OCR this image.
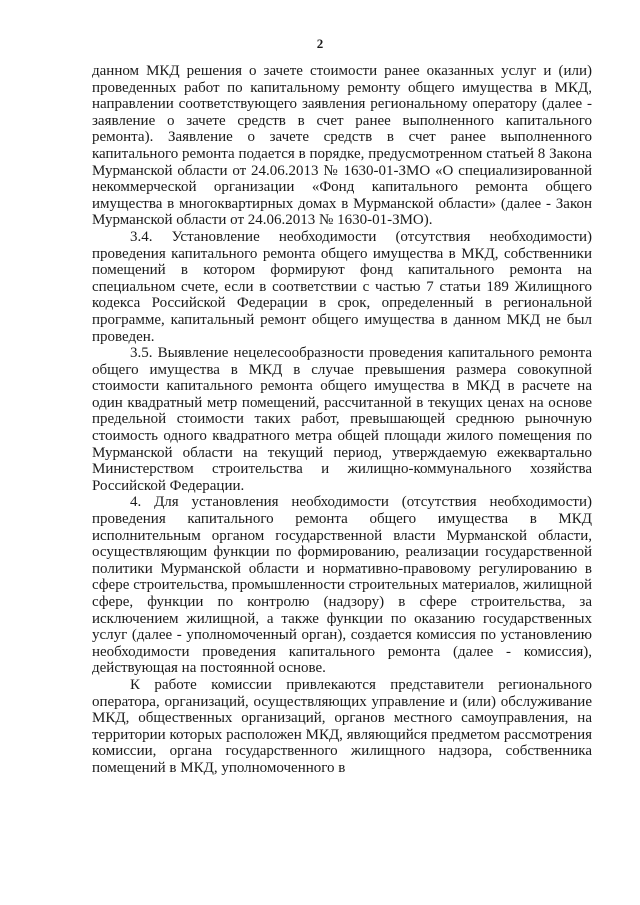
2

данном МКД решения о зачете стоимости ранее оказанных услуг и (или) проведенных работ по капитальному ремонту общего имущества в МКД, направлении соответствующего заявления региональному оператору (далее - заявление о зачете средств в счет ранее выполненного капитального ремонта). Заявление о зачете средств в счет ранее выполненного капитального ремонта подается в порядке, предусмотренном статьей 8 Закона Мурманской области от 24.06.2013 № 1630-01-ЗМО «О специализированной некоммерческой организации «Фонд капитального ремонта общего имущества в многоквартирных домах в Мурманской области» (далее - Закон Мурманской области от 24.06.2013 № 1630-01-ЗМО).

3.4. Установление необходимости (отсутствия необходимости) проведения капитального ремонта общего имущества в МКД, собственники помещений в котором формируют фонд капитального ремонта на специальном счете, если в соответствии с частью 7 статьи 189 Жилищного кодекса Российской Федерации в срок, определенный в региональной программе, капитальный ремонт общего имущества в данном МКД не был проведен.

3.5. Выявление нецелесообразности проведения капитального ремонта общего имущества в МКД в случае превышения размера совокупной стоимости капитального ремонта общего имущества в МКД в расчете на один квадратный метр помещений, рассчитанной в текущих ценах на основе предельной стоимости таких работ, превышающей среднюю рыночную стоимость одного квадратного метра общей площади жилого помещения по Мурманской области на текущий период, утверждаемую ежеквартально Министерством строительства и жилищно-коммунального хозяйства Российской Федерации.

4. Для установления необходимости (отсутствия необходимости) проведения капитального ремонта общего имущества в МКД исполнительным органом государственной власти Мурманской области, осуществляющим функции по формированию, реализации государственной политики Мурманской области и нормативно-правовому регулированию в сфере строительства, промышленности строительных материалов, жилищной сфере, функции по контролю (надзору) в сфере строительства, за исключением жилищной, а также функции по оказанию государственных услуг (далее - уполномоченный орган), создается комиссия по установлению необходимости проведения капитального ремонта (далее - комиссия), действующая на постоянной основе.

К работе комиссии привлекаются представители регионального оператора, организаций, осуществляющих управление и (или) обслуживание МКД, общественных организаций, органов местного самоуправления, на территории которых расположен МКД, являющийся предметом рассмотрения комиссии, органа государственного жилищного надзора, собственника помещений в МКД, уполномоченного в
